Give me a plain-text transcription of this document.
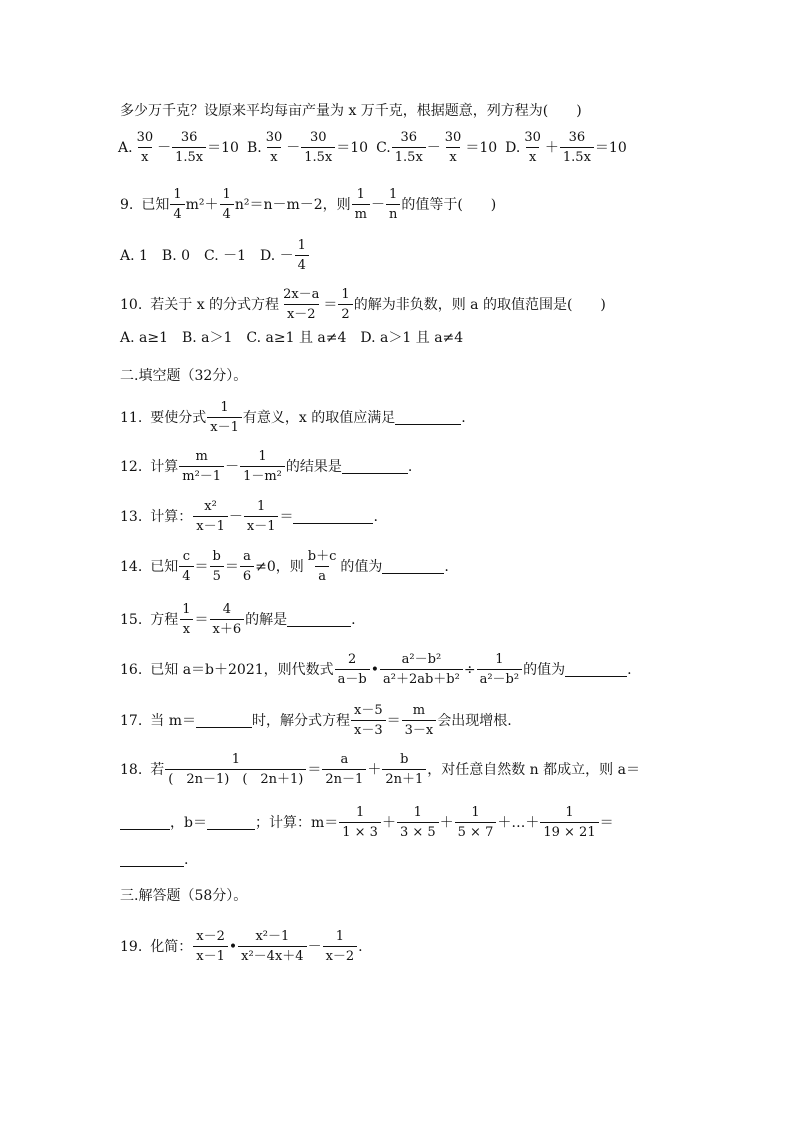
多少万千克？设原来平均每亩产量为 x 万千克，根据题意，列方程为(　　)
A.
30
x
－
36
1.5x
＝10 B.
30
x
－
30
1.5x
＝10 C.
36
1.5x
－
30
x
＝10 D.
30
x
＋
36
1.5x
＝10
9. 已知
1
4
m²＋
1
4
n²＝n－m－2，则
1
m
－
1
n
的值等于(　　)
A. 1　B. 0　C. －1　D. －
1
4
10. 若关于 x 的分式方程
2x－a
x－2
＝
1
2
的解为非负数，则 a 的取值范围是(　　)
A. a≥1　B. a＞1　C. a≥1 且 a≠4　D. a＞1 且 a≠4
二.填空题（32分）。
11. 要使分式
1
x－1
有意义，x 的取值应满足	.
12. 计算
m
m²－1
－
1
1－m²
的结果是	.
13. 计算：
x²
x－1
－
1
x－1
＝	.
14. 已知
c
4
＝
b
5
＝
a
6
≠0，则
b＋c
a
的值为	.
15. 方程
1
x
＝
4
x＋6
的解是	.
16. 已知 a＝b＋2021，则代数式
2
a－b
• $\frac{\text{a²－b²}}{\text{a²＋2ab＋b²}} \div \frac{1}{\text{a²－b²}}$ 的值为	.
17. 当 m＝	时，解分式方程
x－5
x－3
＝
m
3－x
会出现增根.
18. 若
1
(　2n－1)　(　2n＋1)
＝
a
2n－1
＋
b
2n＋1
，对任意自然数 n 都成立，则 a＝
，b＝	；计算：m＝
1
1 × 3
＋
1
3 × 5
＋
1
5 × 7
＋…＋
1
19 × 21
＝
.
三.解答题（58分）。
19. 化简：
x－2
x－1
•
x²－1
x²－4x＋4
－
1
x－2
.
